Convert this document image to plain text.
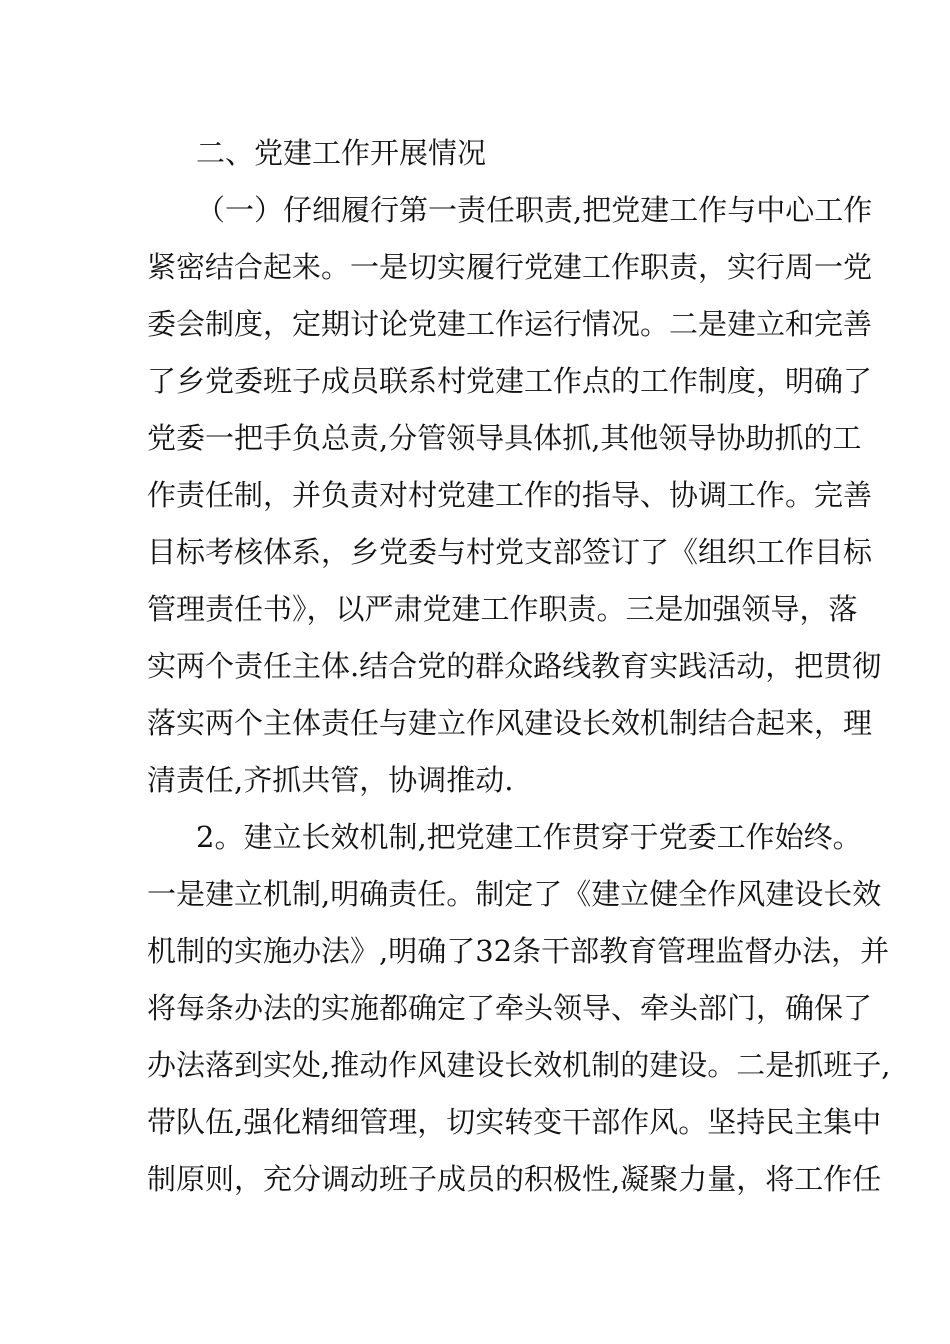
二、党建工作开展情况
（一）仔细履行第一责任职责,把党建工作与中心工作
紧密结合起来。一是切实履行党建工作职责，实行周一党
委会制度，定期讨论党建工作运行情况。二是建立和完善
了乡党委班子成员联系村党建工作点的工作制度，明确了
党委一把手负总责,分管领导具体抓,其他领导协助抓的工
作责任制，并负责对村党建工作的指导、协调工作。完善
目标考核体系，乡党委与村党支部签订了《组织工作目标
管理责任书》，以严肃党建工作职责。三是加强领导，落
实两个责任主体.结合党的群众路线教育实践活动，把贯彻
落实两个主体责任与建立作风建设长效机制结合起来，理
清责任,齐抓共管，协调推动.
2。建立长效机制,把党建工作贯穿于党委工作始终。
一是建立机制,明确责任。制定了《建立健全作风建设长效
机制的实施办法》,明确了32条干部教育管理监督办法，并
将每条办法的实施都确定了牵头领导、牵头部门，确保了
办法落到实处,推动作风建设长效机制的建设。二是抓班子,
带队伍,强化精细管理，切实转变干部作风。坚持民主集中
制原则，充分调动班子成员的积极性,凝聚力量，将工作任
